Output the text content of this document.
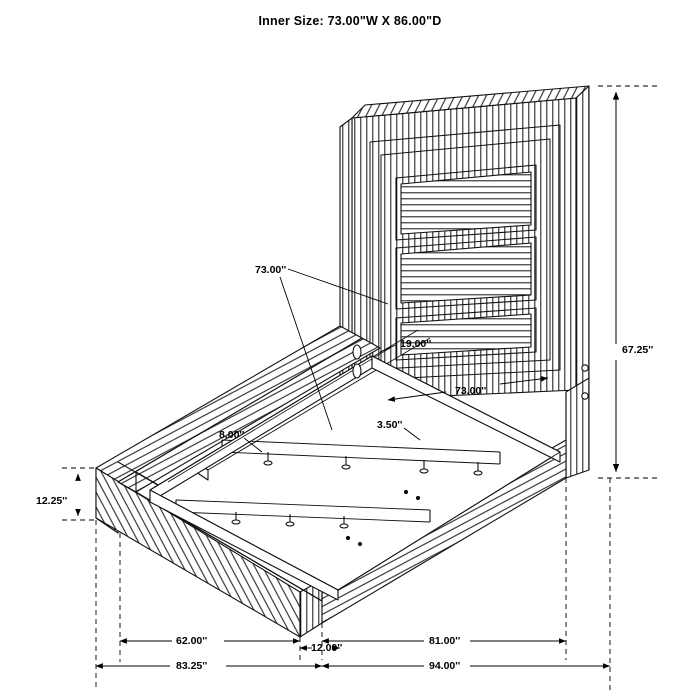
Inner Size: 73.00"W X 86.00"D
73.00''
19.00''	67.25''
73.00''
3.50''
8.00''
12.25''
62.00''
12.00''
81.00''
83.25''	94.00''
